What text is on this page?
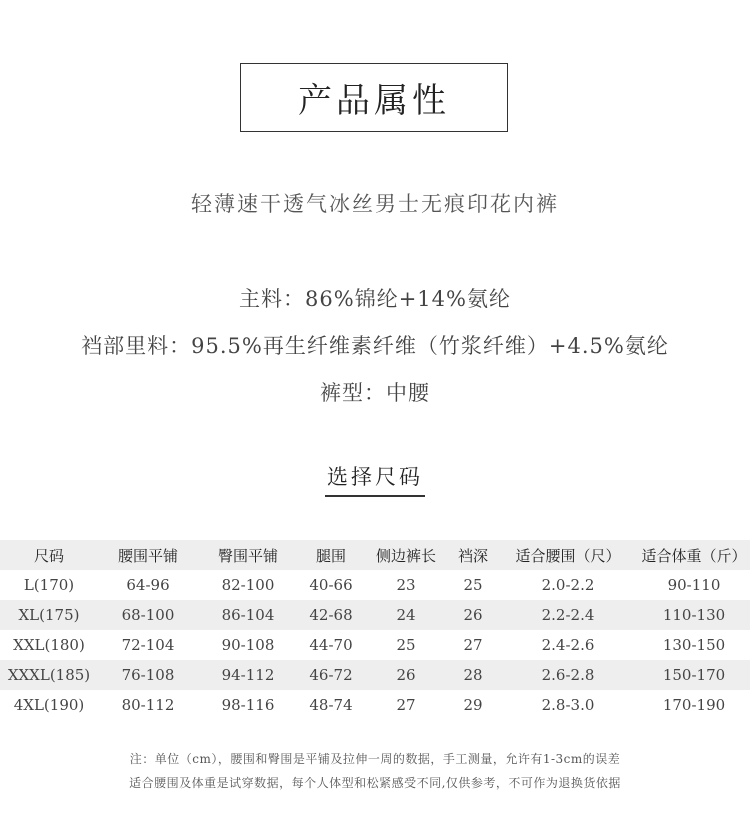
产品属性
轻薄速干透气冰丝男士无痕印花内裤
主料：86%锦纶+14%氨纶
裆部里料：95.5%再生纤维素纤维（竹浆纤维）+4.5%氨纶
裤型：中腰
选择尺码
尺码	腰围平铺	臀围平铺	腿围	侧边裤长	裆深	适合腰围（尺）	适合体重（斤）
L(170)	64-96	82-100	40-66	23	25	2.0-2.2	90-110
XL(175)	68-100	86-104	42-68	24	26	2.2-2.4	110-130
XXL(180)	72-104	90-108	44-70	25	27	2.4-2.6	130-150
XXXL(185)	76-108	94-112	46-72	26	28	2.6-2.8	150-170
4XL(190)	80-112	98-116	48-74	27	29	2.8-3.0	170-190
注：单位（cm），腰围和臀围是平铺及拉伸一周的数据，手工测量，允许有1-3cm的误差
适合腰围及体重是试穿数据，每个人体型和松紧感受不同,仅供参考，不可作为退换货依据
